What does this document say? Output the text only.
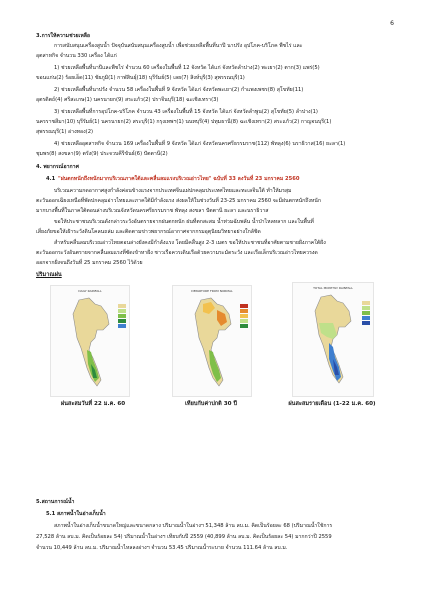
6
3.การให้ความช่วยเหลือ
การสนับสนุนเครื่องสูบน้ำ ปัจจุบันสนับสนุนเครื่องสูบน้ำ เพื่อช่วยเหลือพื้นที่นาปี นาปรัง อุปโภค-บริโภค พืชไร่ และ
อุตสาหกิจ จำนวน 330 เครื่อง ได้แก่
1) ช่วยเหลือพื้นที่นาปีและพืชไร่ จำนวน 60 เครื่องในพื้นที่ 12 จังหวัด ได้แก่ จังหวัดลำปาง(2) พะเยา(2) ตาก(3) แพร่(5)
ขอนแก่น(2) ร้อยเอ็ด(11) ชัยภูมิ(1) กาฬสินธุ์(18) บุรีรัมย์(5) เลย(7) สิงห์บุรี(3) สุพรรณบุรี(1)
2) ช่วยเหลือพื้นที่นาปรัง จำนวน 58 เครื่องในพื้นที่ 9 จังหวัด ได้แก่ จังหวัดพะเยา(2) กำแพงเพชร(8) สุโขทัย(11)
อุตรดิตถ์(4) ศรีสะเกษ(1) นครนายก(9) สระแก้ว(2) ปราจีนบุรี(18) ฉะเชิงเทรา(3)
3) ช่วยเหลือพื้นที่การอุปโภค-บริโภค จำนวน 43 เครื่องในพื้นที่ 15 จังหวัด ได้แก่ จังหวัดลำพูน(2) สุโขทัย(5) ลำปาง(1)
นครราชสีมา(10) บุรีรัมย์(1) นครนายก(2) สระบุรี(1) กรุงเทพฯ(1) นนทบุรี(4) ปทุมธานี(8) ฉะเชิงเทรา(2) สระแก้ว(2) กาญจนบุรี(1)
สุพรรณบุรี(1) อ่างทอง(2)
4) ช่วยเหลืออุตสาหกิจ จำนวน 169 เครื่องในพื้นที่ 9 จังหวัด ได้แก่ จังหวัดนครศรีธรรมราช(112) พัทลุง(6) นราธิวาส(16) ยะลา(1)
ชุมพร(8) สงขลา(9) ตรัง(9) ประจวบคีรีขันธ์(6) ปัตตานี(2)
4. พยากรณ์อากาศ
4.1 "ฝนตกหนักถึงหนักมากบริเวณภาคใต้และคลื่นลมแรงบริเวณอ่าวไทย" ฉบับที่ 33 ลงวันที่ 23 มกราคม 2560
บริเวณความกดอากาศสูงกำลังค่อนข้างแรงจากประเทศจีนแผ่ปกคลุมประเทศไทยและทะเลจีนใต้ ทำให้มรสุม
ตะวันออกเฉียงเหนือที่พัดปกคลุมอ่าวไทยและภาคใต้มีกำลังแรง ส่งผลให้ในช่วงวันที่ 23-25 มกราคม 2560 จะมีฝนตกหนักถึงหนัก
มากบางพื้นที่ในภาคใต้ตอนล่างบริเวณจังหวัดนครศรีธรรมราช พัทลุง สงขลา ปัตตานี ยะลา และนราธิวาส
ขอให้ประชาชนบริเวณดังกล่าวระวังอันตรายจากฝนตกหนัก ฝนที่ตกสะสม น้ำท่วมฉับพลัน น้ำป่าไหลหลาก และในพื้นที่
เสี่ยงภัยขอให้เฝ้าระวังดินโคลนถล่ม และติดตามข่าวพยากรณ์อากาศจากกรมอุตุนิยมวิทยาอย่างใกล้ชิด
สำหรับคลื่นลมบริเวณอ่าวไทยตอนล่างยังคงมีกำลังแรง โดยมีคลื่นสูง 2-3 เมตร ขอให้ประชาชนที่อาศัยตามชายฝั่งภาคใต้ฝั่ง
ตะวันออกระวังอันตรายจากคลื่นลมแรงที่ซัดเข้าหาฝั่ง ชาวเรือควรเดินเรือด้วยความระมัดระวัง และเรือเล็กบริเวณอ่าวไทยควรงด
ออกจากฝั่งจนถึงวันที่ 25 มกราคม 2560 ไว้ด้วย
ปริมาณฝน
DAILY RAINFALL
ฝนสะสมวันที่ 22 ม.ค. 60
DEPARTURE FROM NORMAL
เทียบกับค่าปกติ 30 ปี
TOTAL MONTHLY RAINFALL
ฝนสะสมรายเดือน (1-22 ม.ค. 60)
5.สถานการณ์น้ำ
5.1 สภาพน้ำในอ่างเก็บน้ำ
สภาพน้ำในอ่างเก็บน้ำขนาดใหญ่และขนาดกลาง ปริมาณน้ำในอ่างฯ 51,348 ล้าน ลบ.ม. คิดเป็นร้อยละ 68 (ปริมาณน้ำใช้การ
27,528 ล้าน ลบ.ม. คิดเป็นร้อยละ 54) ปริมาณน้ำในอ่างฯ เทียบกับปี 2559 (40,899 ล้าน ลบ.ม. คิดเป็นร้อยละ 54) มากกว่าปี 2559
จำนวน 10,449 ล้าน ลบ.ม. ปริมาณน้ำไหลลงอ่างฯ จำนวน 53.45 ปริมาณน้ำระบาย จำนวน 111.64 ล้าน ลบ.ม.
